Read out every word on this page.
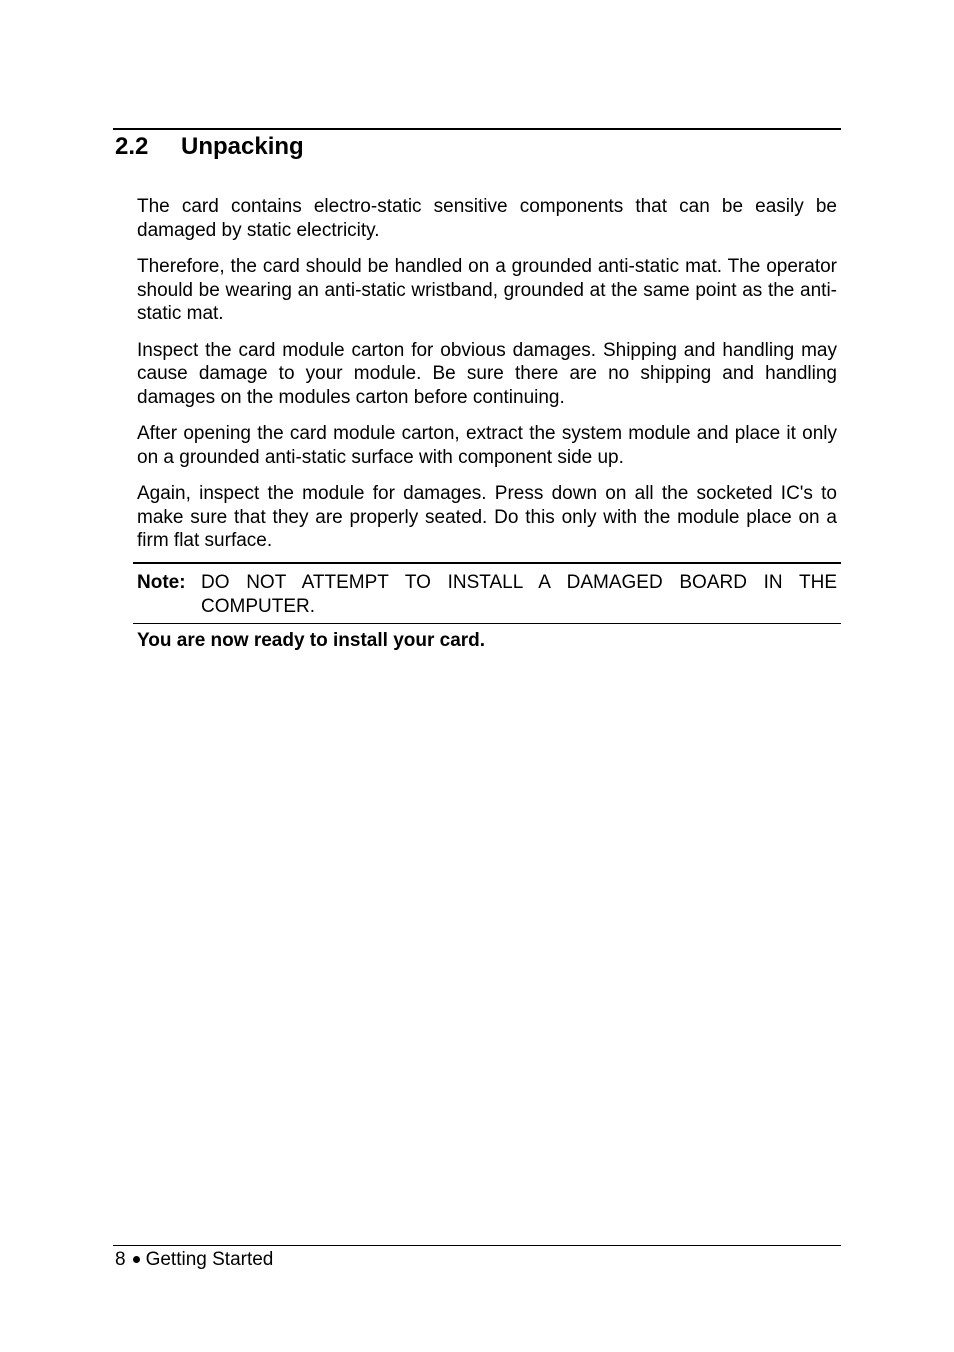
2.2 Unpacking

The card contains electro-static sensitive components that can be easily be damaged by static electricity.

Therefore, the card should be handled on a grounded anti-static mat. The operator should be wearing an anti-static wristband, grounded at the same point as the anti-static mat.

Inspect the card module carton for obvious damages. Shipping and handling may cause damage to your module. Be sure there are no shipping and handling damages on the modules carton before continuing.

After opening the card module carton, extract the system module and place it only on a grounded anti-static surface with component side up.

Again, inspect the module for damages. Press down on all the socketed IC's to make sure that they are properly seated. Do this only with the module place on a firm flat surface.

Note: DO NOT ATTEMPT TO INSTALL A DAMAGED BOARD IN THE COMPUTER.
You are now ready to install your card.
8 Getting Started
